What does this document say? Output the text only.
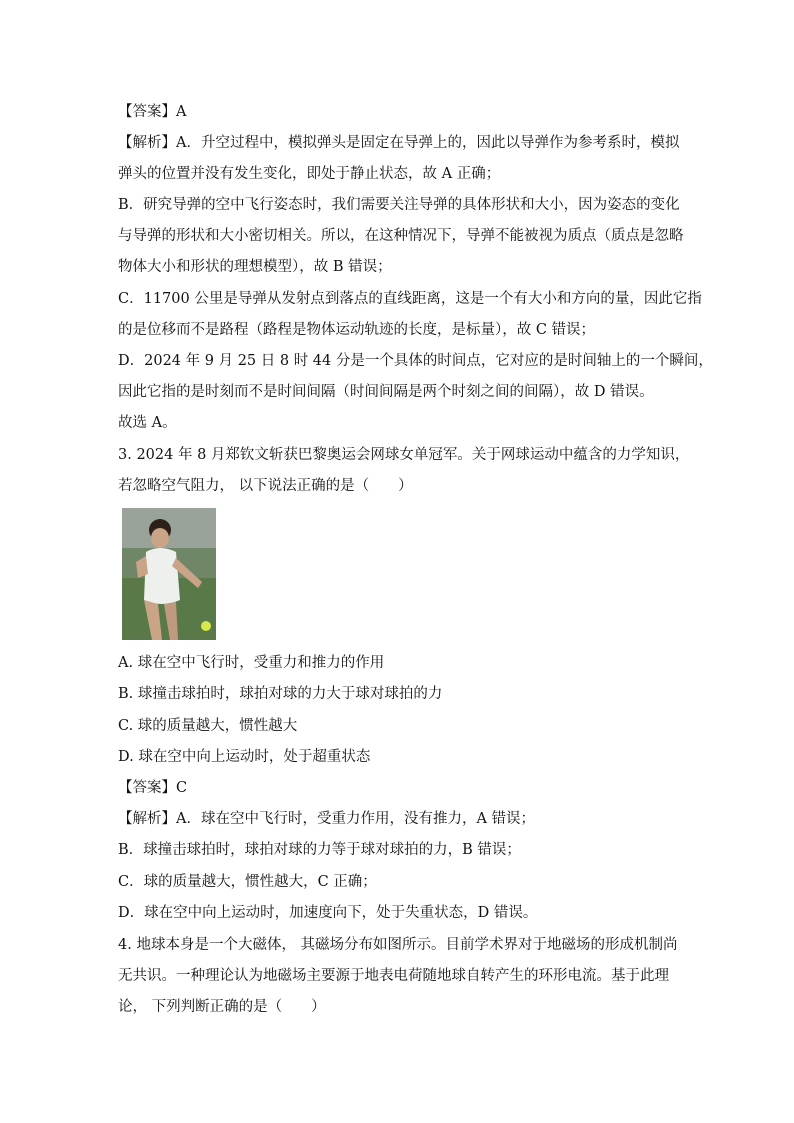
【答案】A
【解析】A．升空过程中，模拟弹头是固定在导弹上的，因此以导弹作为参考系时，模拟
弹头的位置并没有发生变化，即处于静止状态，故 A 正确；
B．研究导弹的空中飞行姿态时，我们需要关注导弹的具体形状和大小，因为姿态的变化
与导弹的形状和大小密切相关。所以，在这种情况下，导弹不能被视为质点（质点是忽略
物体大小和形状的理想模型），故 B 错误；
C．11700 公里是导弹从发射点到落点的直线距离，这是一个有大小和方向的量，因此它指
的是位移而不是路程（路程是物体运动轨迹的长度，是标量），故 C 错误；
D．2024 年 9 月 25 日 8 时 44 分是一个具体的时间点，它对应的是时间轴上的一个瞬间，
因此它指的是时刻而不是时间间隔（时间间隔是两个时刻之间的间隔），故 D 错误。
故选 A。
3. 2024 年 8 月郑钦文斩获巴黎奥运会网球女单冠军。关于网球运动中蕴含的力学知识，
若忽略空气阻力， 以下说法正确的是（　　）
A. 球在空中飞行时，受重力和推力的作用
B. 球撞击球拍时，球拍对球的力大于球对球拍的力
C. 球的质量越大，惯性越大
D. 球在空中向上运动时，处于超重状态
【答案】C
【解析】A．球在空中飞行时，受重力作用，没有推力，A 错误；
B．球撞击球拍时，球拍对球的力等于球对球拍的力，B 错误；
C．球的质量越大，惯性越大，C 正确；
D．球在空中向上运动时，加速度向下，处于失重状态，D 错误。
4. 地球本身是一个大磁体， 其磁场分布如图所示。目前学术界对于地磁场的形成机制尚
无共识。一种理论认为地磁场主要源于地表电荷随地球自转产生的环形电流。基于此理
论， 下列判断正确的是（　　）
